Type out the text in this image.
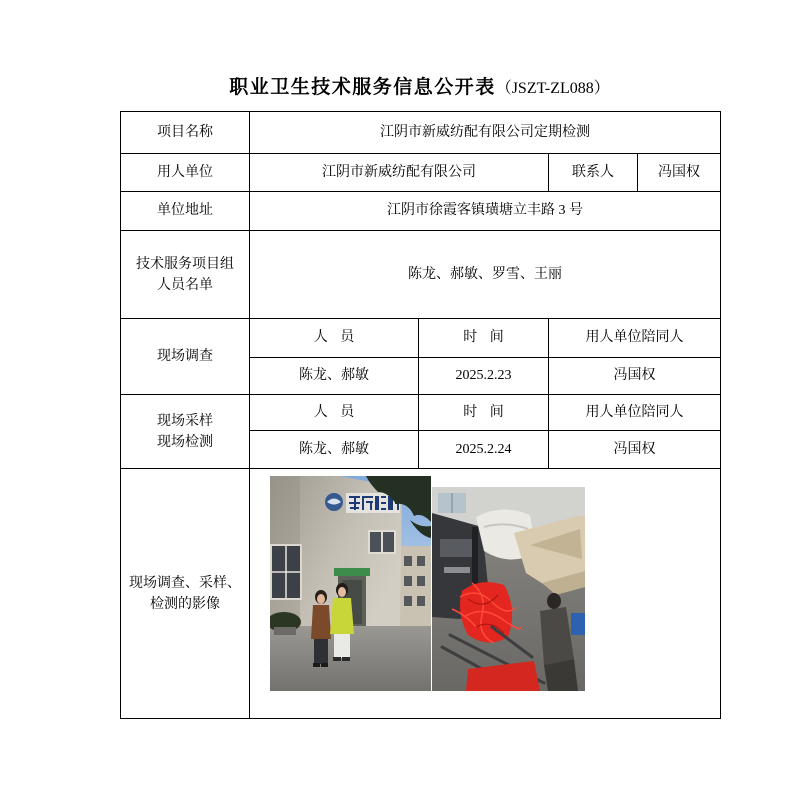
职业卫生技术服务信息公开表（JSZT-ZL088）
项目名称	江阴市新威纺配有限公司定期检测			
用人单位	江阴市新威纺配有限公司		联系人	冯国权
单位地址	江阴市徐霞客镇璜塘立丰路 3 号			

技术服务项目组
人员名单	陈龙、郝敏、罗雪、王丽			
现场调查	人 员	时 间	用人单位陪同人	
	陈龙、郝敏	2025.2.23	冯国权	

现场采样
现场检测	人 员	时 间	用人单位陪同人	
	陈龙、郝敏	2025.2.24	冯国权	

现场调查、采样、
检测的影像
